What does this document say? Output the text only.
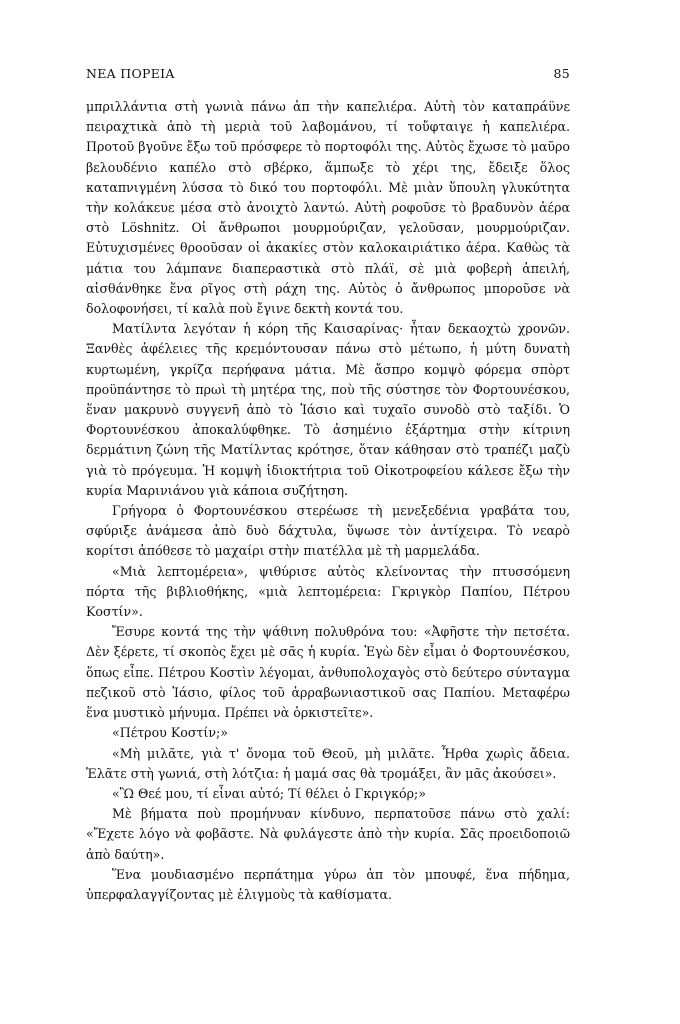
ΝΕΑ ΠΟΡΕΙΑ	85

μπριλλάντια στὴ γωνιὰ πάνω ἀπ τὴν καπελιέρα. Αὐτὴ τὸν καταπράϋνε πειραχτικὰ ἀπὸ τὴ μεριὰ τοῦ λαβομάνου, τί τοὔφταιγε ἡ καπελιέρα. Προτοῦ βγοῦνε ἔξω τοῦ πρόσφερε τὸ πορτοφόλι της. Αὐτὸς ἔχωσε τὸ μαῦρο βελουδένιο καπέλο στὸ σβέρκο, ἅμπωξε τὸ χέρι της, ἔδειξε ὅλος καταπνιγμένη λύσσα τὸ δικό του πορτοφόλι. Μὲ μιὰν ὕπουλη γλυκύτητα τὴν κολάκευε μέσα στὸ ἀνοιχτὸ λαντώ. Αὐτὴ ροφοῦσε τὸ βραδυνὸν ἀέρα στὸ Löshnitz. Οἱ ἄνθρωποι μουρμούριζαν, γελοῦσαν, μουρμούριζαν. Εὐτυχισμένες θροοῦσαν οἱ ἀκακίες στὸν καλοκαιριάτικο ἀέρα. Καθὼς τὰ μάτια του λάμπανε διαπεραστικὰ στὸ πλάϊ, σὲ μιὰ φοβερὴ ἀπειλή, αἰσθάνθηκε ἕνα ρῖγος στὴ ράχη της. Αὐτὸς ὁ ἄνθρωπος μποροῦσε νὰ δολοφονήσει, τί καλὰ ποὺ ἔγινε δεκτὴ κοντά του.

Ματίλντα λεγόταν ἡ κόρη τῆς Καισαρίνας· ἦταν δεκαοχτὼ χρονῶν. Ξανθὲς ἀφέλειες τῆς κρεμόντουσαν πάνω στὸ μέτωπο, ἡ μύτη δυνατὴ κυρτωμένη, γκρίζα περήφανα μάτια. Μὲ ἄσπρο κομψὸ φόρεμα σπὸρτ προϋπάντησε τὸ πρωὶ τὴ μητέρα της, ποὺ τῆς σύστησε τὸν Φορτουνέσκου, ἕναν μακρυνὸ συγγενῆ ἀπὸ τὸ Ἰάσιο καὶ τυχαῖο συνοδὸ στὸ ταξίδι. Ὁ Φορτουνέσκου ἀποκαλύφθηκε. Τὸ ἀσημένιο ἐξάρτημα στὴν κίτρινη δερμάτινη ζώνη τῆς Ματίλντας κρότησε, ὅταν κάθησαν στὸ τραπέζι μαζὺ γιὰ τὸ πρόγευμα. Ἡ κομψὴ ἰδιοκτήτρια τοῦ Οἰκοτροφείου κάλεσε ἔξω τὴν κυρία Μαρινιάνου γιὰ κάποια συζήτηση.

Γρήγορα ὁ Φορτουνέσκου στερέωσε τὴ μενεξεδένια γραβάτα του, σφύριξε ἀνάμεσα ἀπὸ δυὸ δάχτυλα, ὕψωσε τὸν ἀντίχειρα. Τὸ νεαρὸ κορίτσι ἀπόθεσε τὸ μαχαίρι στὴν πιατέλλα μὲ τὴ μαρμελάδα.

«Μιὰ λεπτομέρεια», ψιθύρισε αὐτὸς κλείνοντας τὴν πτυσσόμενη πόρτα τῆς βιβλιοθήκης, «μιὰ λεπτομέρεια: Γκριγκὸρ Παπίου, Πέτρου Κοστίν».

Ἔσυρε κοντά της τὴν ψάθινη πολυθρόνα του: «Ἀφῆστε τὴν πετσέτα. Δὲν ξέρετε, τί σκοπὸς ἔχει μὲ σᾶς ἡ κυρία. Ἐγὼ δὲν εἶμαι ὁ Φορτουνέσκου, ὅπως εἶπε. Πέτρου Κοστὶν λέγομαι, ἀνθυπολοχαγὸς στὸ δεύτερο σύνταγμα πεζικοῦ στὸ Ἰάσιο, φίλος τοῦ ἀρραβωνιαστικοῦ σας Παπίου. Μεταφέρω ἕνα μυστικὸ μήνυμα. Πρέπει νὰ ὁρκιστεῖτε».

«Πέτρου Κοστίν;»

«Μὴ μιλᾶτε, γιὰ τ' ὄνομα τοῦ Θεοῦ, μὴ μιλᾶτε. Ἦρθα χωρὶς ἄδεια. Ἐλᾶτε στὴ γωνιά, στὴ λότζια: ἡ μαμά σας θὰ τρομάξει, ἂν μᾶς ἀκούσει».

«Ὢ Θεέ μου, τί εἶναι αὐτό; Τί θέλει ὁ Γκριγκόρ;»

Μὲ βήματα ποὺ προμήνυαν κίνδυνο, περπατοῦσε πάνω στὸ χαλί: «Ἔχετε λόγο νὰ φοβᾶστε. Νὰ φυλάγεστε ἀπὸ τὴν κυρία. Σᾶς προειδοποιῶ ἀπὸ δαύτη».

Ἕνα μουδιασμένο περπάτημα γύρω ἀπ τὸν μπουφέ, ἕνα πήδημα, ὑπερφαλαγγίζοντας μὲ ἑλιγμοὺς τὰ καθίσματα.
